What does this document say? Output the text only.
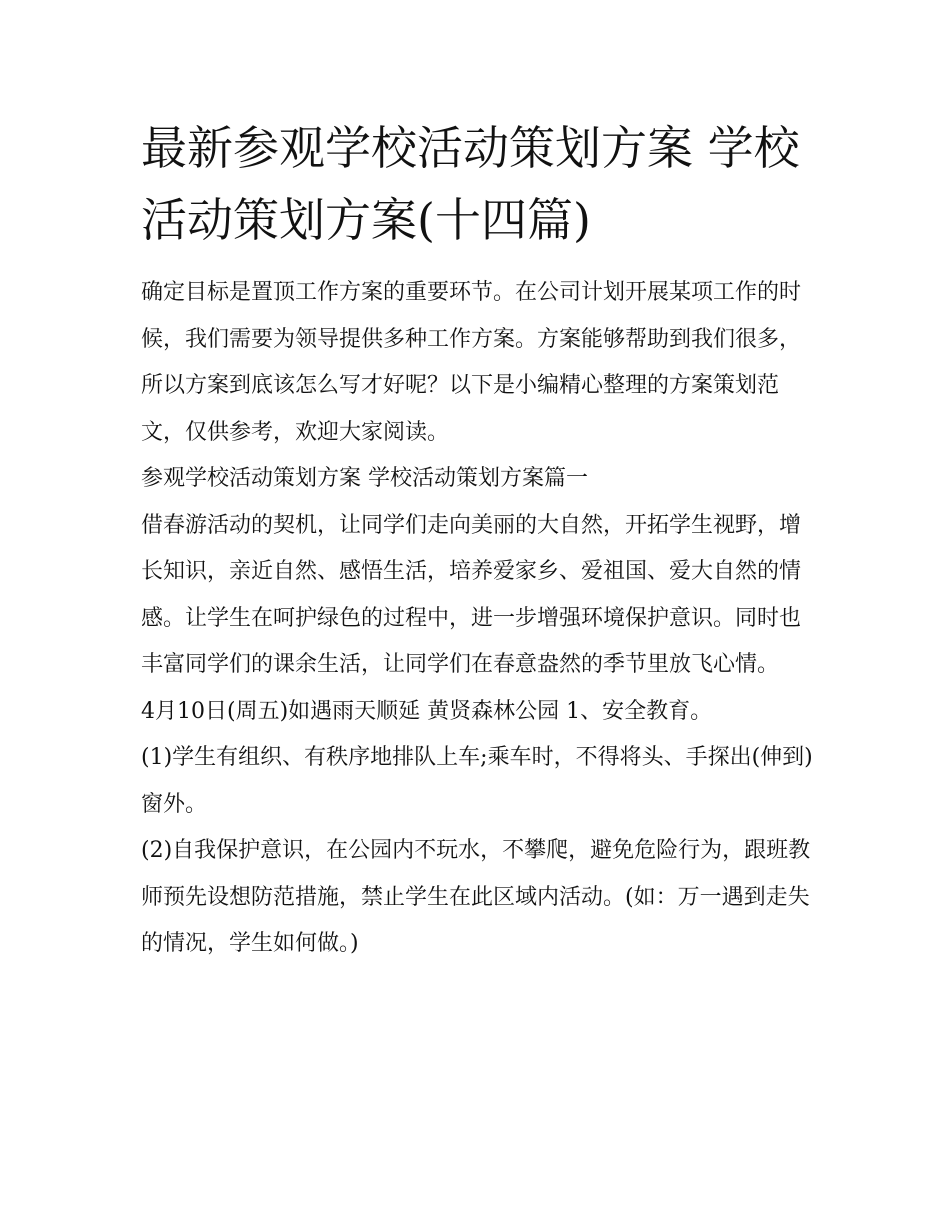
最新参观学校活动策划方案 学校活动策划方案(十四篇)

确定目标是置顶工作方案的重要环节。在公司计划开展某项工作的时候，我们需要为领导提供多种工作方案。方案能够帮助到我们很多，所以方案到底该怎么写才好呢？以下是小编精心整理的方案策划范文，仅供参考，欢迎大家阅读。

参观学校活动策划方案 学校活动策划方案篇一

借春游活动的契机，让同学们走向美丽的大自然，开拓学生视野，增长知识，亲近自然、感悟生活，培养爱家乡、爱祖国、爱大自然的情感。让学生在呵护绿色的过程中，进一步增强环境保护意识。同时也丰富同学们的课余生活，让同学们在春意盎然的季节里放飞心情。

4月10日(周五)如遇雨天顺延 黄贤森林公园 1、安全教育。

(1)学生有组织、有秩序地排队上车;乘车时，不得将头、手探出(伸到)窗外。

(2)自我保护意识，在公园内不玩水，不攀爬，避免危险行为，跟班教师预先设想防范措施，禁止学生在此区域内活动。(如：万一遇到走失的情况，学生如何做。)
